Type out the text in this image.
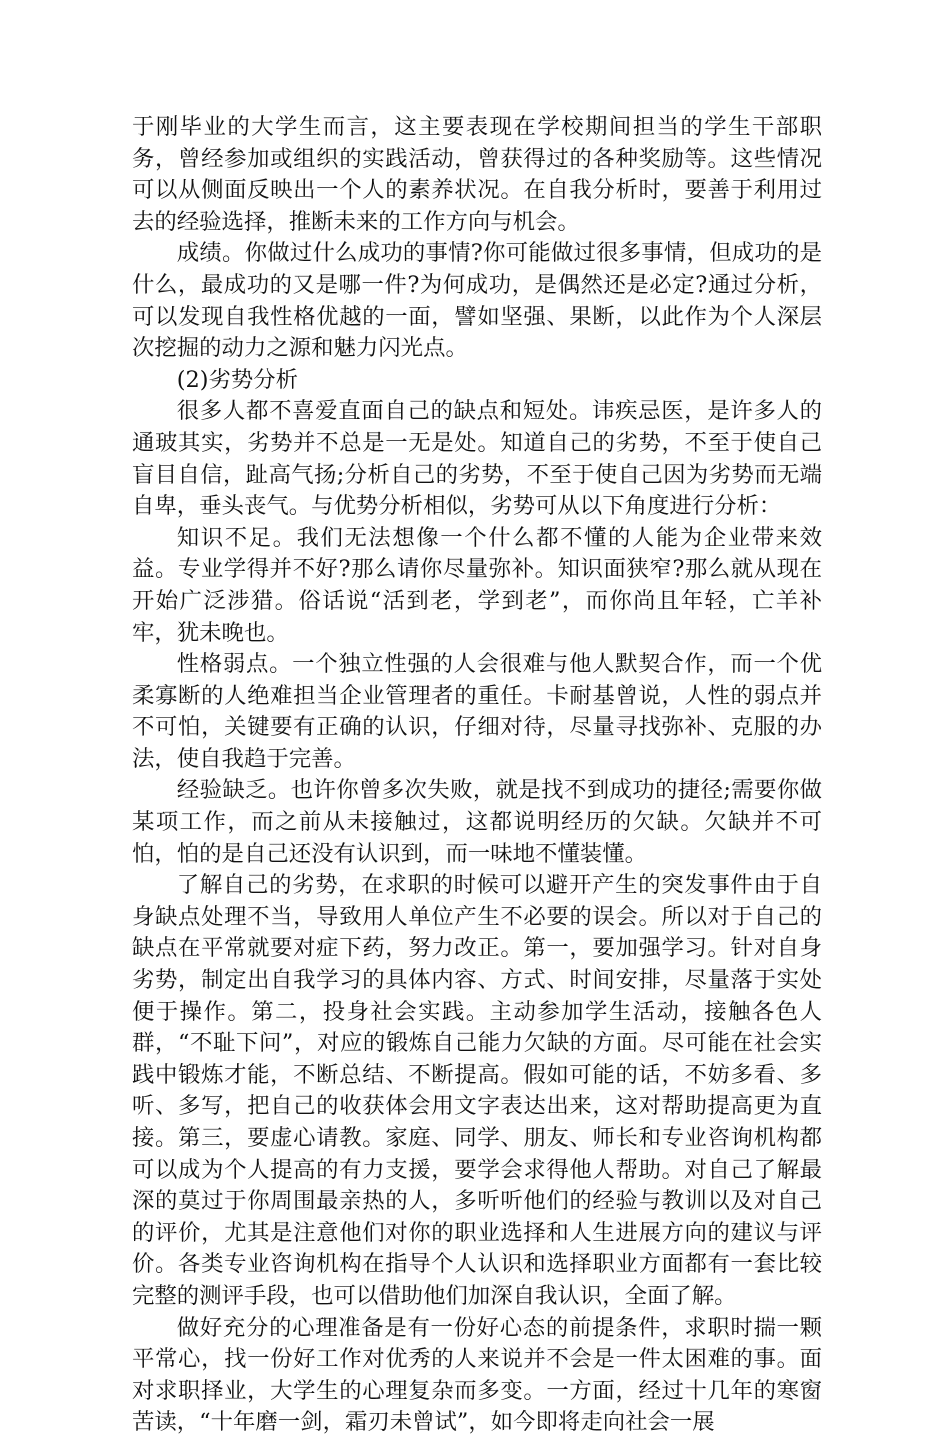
于刚毕业的大学生而言，这主要表现在学校期间担当的学生干部职务，曾经参加或组织的实践活动，曾获得过的各种奖励等。这些情况可以从侧面反映出一个人的素养状况。在自我分析时，要善于利用过去的经验选择，推断未来的工作方向与机会。

成绩。你做过什么成功的事情?你可能做过很多事情，但成功的是什么，最成功的又是哪一件?为何成功，是偶然还是必定?通过分析，可以发现自我性格优越的一面，譬如坚强、果断，以此作为个人深层次挖掘的动力之源和魅力闪光点。

(2)劣势分析

很多人都不喜爱直面自己的缺点和短处。讳疾忌医，是许多人的通玻其实，劣势并不总是一无是处。知道自己的劣势，不至于使自己盲目自信，趾高气扬;分析自己的劣势，不至于使自己因为劣势而无端自卑，垂头丧气。与优势分析相似，劣势可从以下角度进行分析：

知识不足。我们无法想像一个什么都不懂的人能为企业带来效益。专业学得并不好?那么请你尽量弥补。知识面狭窄?那么就从现在开始广泛涉猎。俗话说“活到老，学到老”，而你尚且年轻，亡羊补牢，犹未晚也。

性格弱点。一个独立性强的人会很难与他人默契合作，而一个优柔寡断的人绝难担当企业管理者的重任。卡耐基曾说，人性的弱点并不可怕，关键要有正确的认识，仔细对待，尽量寻找弥补、克服的办法，使自我趋于完善。

经验缺乏。也许你曾多次失败，就是找不到成功的捷径;需要你做某项工作，而之前从未接触过，这都说明经历的欠缺。欠缺并不可怕，怕的是自己还没有认识到，而一味地不懂装懂。

了解自己的劣势，在求职的时候可以避开产生的突发事件由于自身缺点处理不当，导致用人单位产生不必要的误会。所以对于自己的缺点在平常就要对症下药，努力改正。第一，要加强学习。针对自身劣势，制定出自我学习的具体内容、方式、时间安排，尽量落于实处便于操作。第二，投身社会实践。主动参加学生活动，接触各色人群，“不耻下问”，对应的锻炼自己能力欠缺的方面。尽可能在社会实践中锻炼才能，不断总结、不断提高。假如可能的话，不妨多看、多听、多写，把自己的收获体会用文字表达出来，这对帮助提高更为直接。第三，要虚心请教。家庭、同学、朋友、师长和专业咨询机构都可以成为个人提高的有力支援，要学会求得他人帮助。对自己了解最深的莫过于你周围最亲热的人，多听听他们的经验与教训以及对自己的评价，尤其是注意他们对你的职业选择和人生进展方向的建议与评价。各类专业咨询机构在指导个人认识和选择职业方面都有一套比较完整的测评手段，也可以借助他们加深自我认识，全面了解。

做好充分的心理准备是有一份好心态的前提条件，求职时揣一颗平常心，找一份好工作对优秀的人来说并不会是一件太困难的事。面对求职择业，大学生的心理复杂而多变。一方面，经过十几年的寒窗苦读，“十年磨一剑，霜刃未曾试”，如今即将走向社会一展
